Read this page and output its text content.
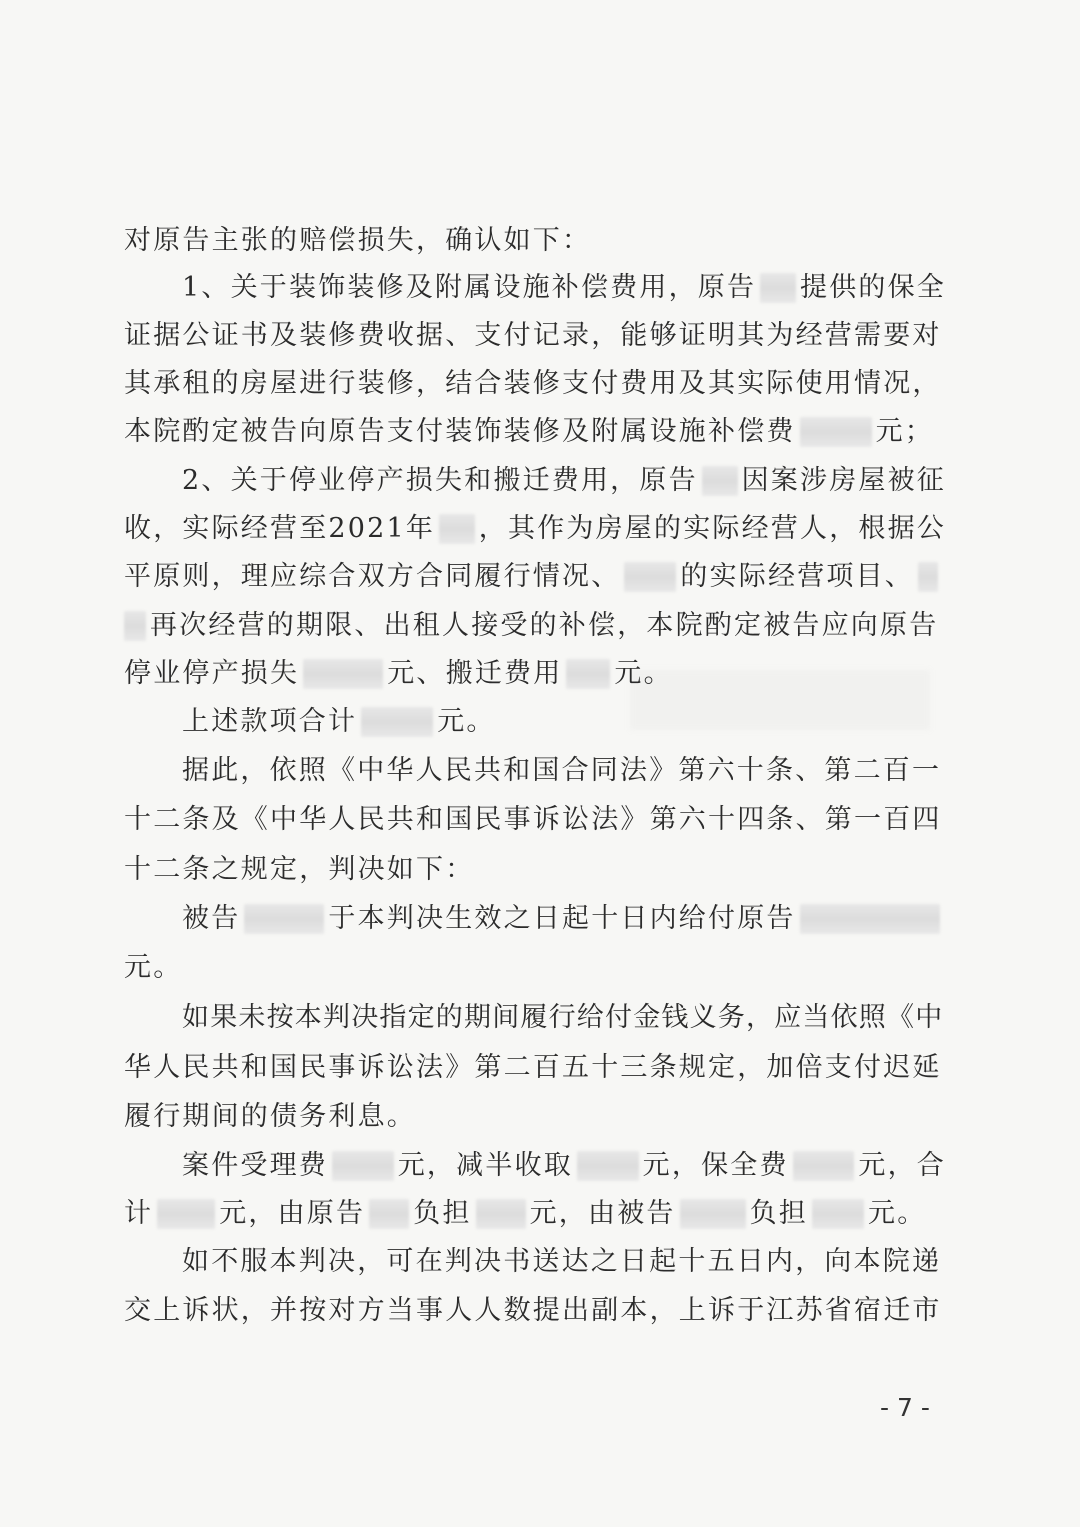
对原告主张的赔偿损失，确认如下：
1、关于装饰装修及附属设施补偿费用，原告 提供的保全
证据公证书及装修费收据、支付记录，能够证明其为经营需要对
其承租的房屋进行装修，结合装修支付费用及其实际使用情况，
本院酌定被告向原告支付装饰装修及附属设施补偿费	元；
2、关于停业停产损失和搬迁费用，原告 因案涉房屋被征
收，实际经营至2021年 ，其作为房屋的实际经营人，根据公
平原则，理应综合双方合同履行情况、 的实际经营项目、
再次经营的期限、出租人接受的补偿，本院酌定被告应向原告
停业停产损失	元、搬迁费用 元。
上述款项合计	元。
据此，依照《中华人民共和国合同法》第六十条、第二百一
十二条及《中华人民共和国民事诉讼法》第六十四条、第一百四
十二条之规定，判决如下：
被告	于本判决生效之日起十日内给付原告
元。
如果未按本判决指定的期间履行给付金钱义务，应当依照《中
华人民共和国民事诉讼法》第二百五十三条规定，加倍支付迟延
履行期间的债务利息。
案件受理费	元，减半收取	元，保全费	元，合
计 元，由原告 负担 元，由被告	负担 元。
如不服本判决，可在判决书送达之日起十五日内，向本院递
交上诉状，并按对方当事人人数提出副本，上诉于江苏省宿迁市
- 7 -
